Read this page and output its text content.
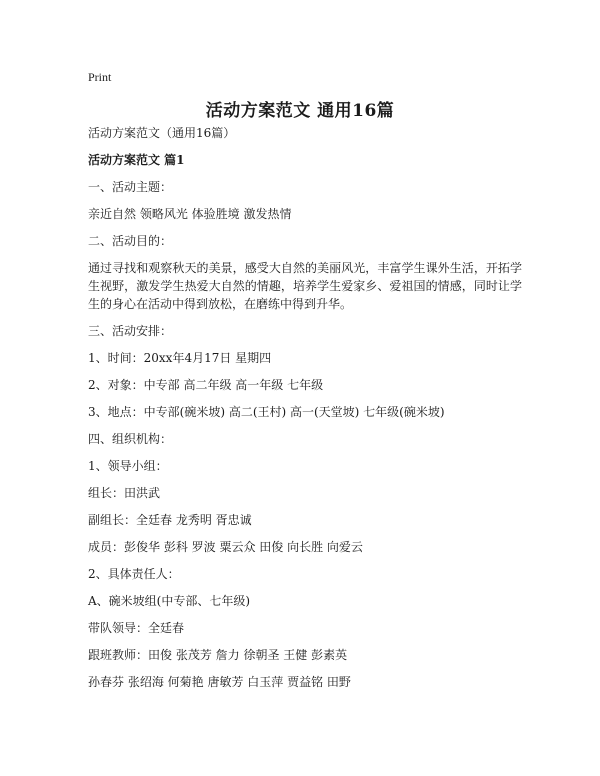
Print
活动方案范文 通用16篇

活动方案范文（通用16篇）

活动方案范文 篇1

一、活动主题：

亲近自然 领略风光 体验胜境 激发热情

二、活动目的：

通过寻找和观察秋天的美景，感受大自然的美丽风光，丰富学生课外生活，开拓学生视野，激发学生热爱大自然的情趣，培养学生爱家乡、爱祖国的情感，同时让学生的身心在活动中得到放松，在磨练中得到升华。

三、活动安排：

1、时间：20xx年4月17日 星期四

2、对象：中专部 高二年级 高一年级 七年级

3、地点：中专部(碗米坡) 高二(王村) 高一(天堂坡) 七年级(碗米坡)

四、组织机构：

1、领导小组：

组长：田洪武

副组长：全廷春 龙秀明 胥忠诚

成员：彭俊华 彭科 罗波 粟云众 田俊 向长胜 向爱云

2、具体责任人：

A、碗米坡组(中专部、七年级)

带队领导：全廷春

跟班教师：田俊 张茂芳 詹力 徐朝圣 王健 彭素英

孙春芬 张绍海 何菊艳 唐敏芳 白玉萍 贾益铭 田野
